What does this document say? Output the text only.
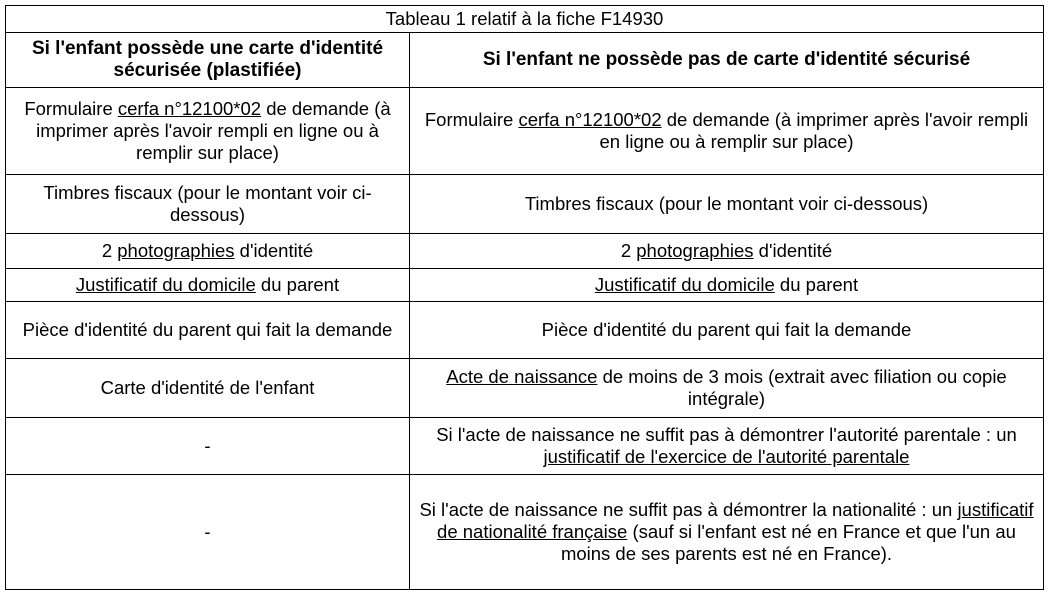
Tableau 1 relatif à la fiche F14930	
Si l'enfant possède une carte d'identité sécurisée (plastifiée)	Si l'enfant ne possède pas de carte d'identité sécurisé
Formulaire cerfa n°12100*02 de demande (à imprimer après l'avoir rempli en ligne ou à remplir sur place)	Formulaire cerfa n°12100*02 de demande (à imprimer après l'avoir rempli en ligne ou à remplir sur place)
Timbres fiscaux (pour le montant voir ci-dessous)	Timbres fiscaux (pour le montant voir ci-dessous)
2 photographies d'identité	2 photographies d'identité
Justificatif du domicile du parent	Justificatif du domicile du parent
Pièce d'identité du parent qui fait la demande	Pièce d'identité du parent qui fait la demande
Carte d'identité de l'enfant	Acte de naissance de moins de 3 mois (extrait avec filiation ou copie intégrale)
-	Si l'acte de naissance ne suffit pas à démontrer l'autorité parentale : un justificatif de l'exercice de l'autorité parentale
-	Si l'acte de naissance ne suffit pas à démontrer la nationalité : un justificatif de nationalité française (sauf si l'enfant est né en France et que l'un au moins de ses parents est né en France).
